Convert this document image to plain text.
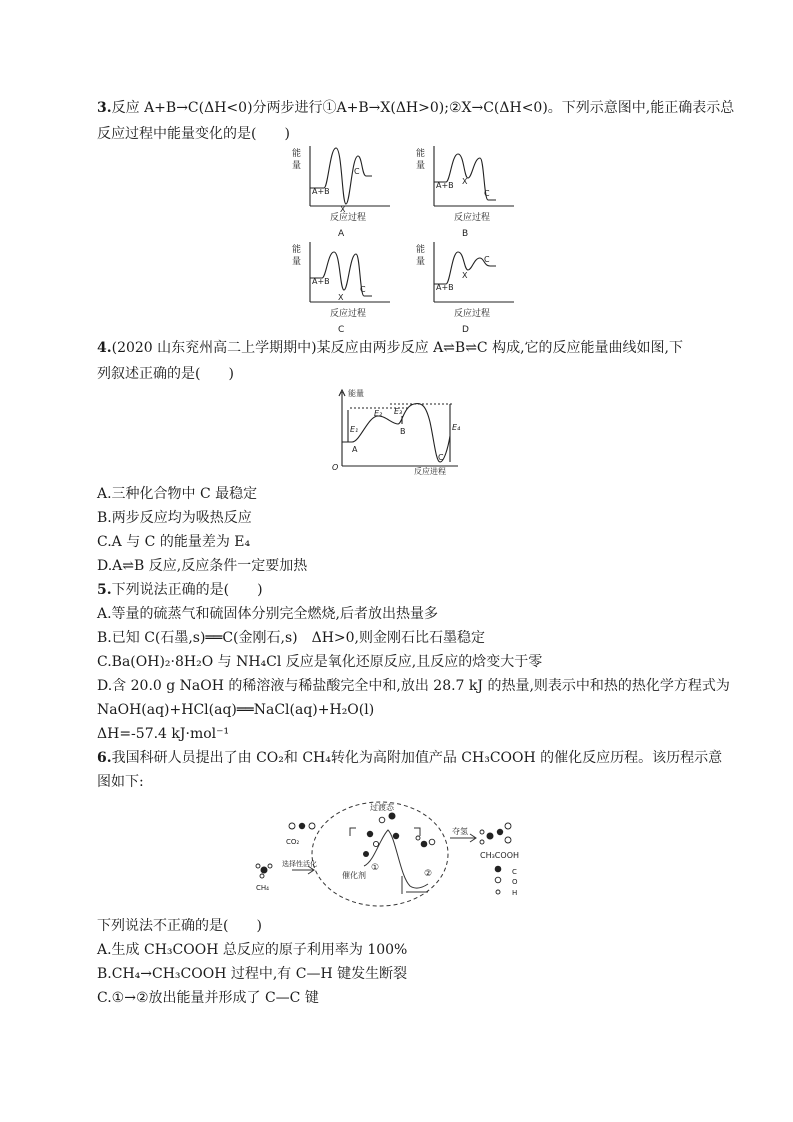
3.反应 A+B→C(ΔH<0)分两步进行①A+B→X(ΔH>0);②X→C(ΔH<0)。下列示意图中,能正确表示总
反应过程中能量变化的是(　　)
能
量
A+B
X
C
反应过程
A
能
量
A+B X
C
反应过程
B
能
量
A+B
X
C
反应过程
C
能
量
A+B
X
C
反应过程
D
4.(2020 山东兖州高二上学期期中)某反应由两步反应 A⇌B⇌C 构成,它的反应能量曲线如图,下
列叙述正确的是(　　)
能量
O	反应进程
A
B
C
E₁
E₂ E₃
E₄
A.三种化合物中 C 最稳定
B.两步反应均为吸热反应
C.A 与 C 的能量差为 E₄
D.A⇌B 反应,反应条件一定要加热
5.下列说法正确的是(　　)
A.等量的硫蒸气和硫固体分别完全燃烧,后者放出热量多
B.已知 C(石墨,s)══C(金刚石,s)　ΔH>0,则金刚石比石墨稳定
C.Ba(OH)₂·8H₂O 与 NH₄Cl 反应是氧化还原反应,且反应的焓变大于零
D.含 20.0 g NaOH 的稀溶液与稀盐酸完全中和,放出 28.7 kJ 的热量,则表示中和热的热化学方程式为
NaOH(aq)+HCl(aq)══NaCl(aq)+H₂O(l)
ΔH=-57.4 kJ·mol⁻¹
6.我国科研人员提出了由 CO₂和 CH₄转化为高附加值产品 CH₃COOH 的催化反应历程。该历程示意
图如下:
CO₂
CH₄
选择性活化
过渡态
催化剂
①
②
夺氢
CH₃COOH
C
O
H
下列说法不正确的是(　　)
A.生成 CH₃COOH 总反应的原子利用率为 100%
B.CH₄→CH₃COOH 过程中,有 C—H 键发生断裂
C.①→②放出能量并形成了 C—C 键
